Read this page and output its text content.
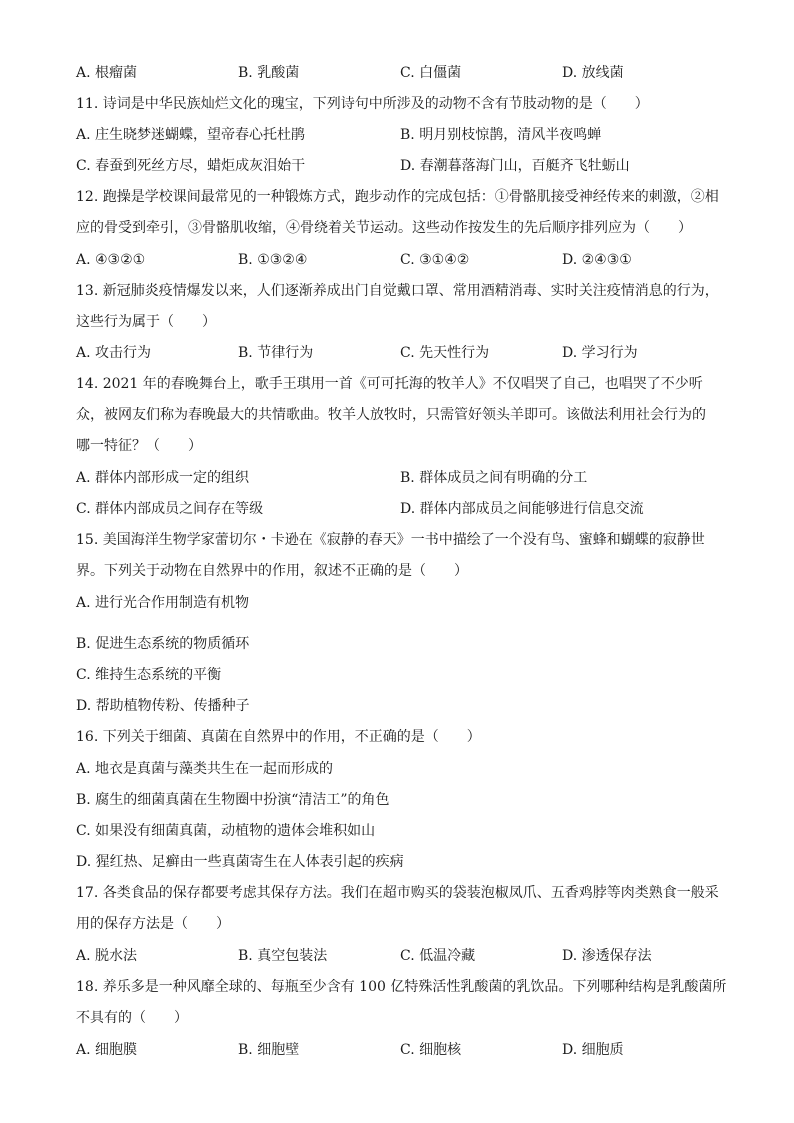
A. 根瘤菌	B. 乳酸菌	C. 白僵菌	D. 放线菌
11. 诗词是中华民族灿烂文化的瑰宝，下列诗句中所涉及的动物不含有节肢动物的是（　　）
A. 庄生晓梦迷蝴蝶，望帝春心托杜鹃	B. 明月别枝惊鹊，清风半夜鸣蝉
C. 春蚕到死丝方尽，蜡炬成灰泪始干	D. 春潮暮落海门山，百艇齐飞牡蛎山
12. 跑操是学校课间最常见的一种锻炼方式，跑步动作的完成包括：①骨骼肌接受神经传来的刺激，②相
应的骨受到牵引，③骨骼肌收缩，④骨绕着关节运动。这些动作按发生的先后顺序排列应为（　　）
A. ④③②①	B. ①③②④	C. ③①④②	D. ②④③①
13. 新冠肺炎疫情爆发以来，人们逐渐养成出门自觉戴口罩、常用酒精消毒、实时关注疫情消息的行为，
这些行为属于（　　）
A. 攻击行为	B. 节律行为	C. 先天性行为	D. 学习行为
14. 2021 年的春晚舞台上，歌手王琪用一首《可可托海的牧羊人》不仅唱哭了自己，也唱哭了不少听
众，被网友们称为春晚最大的共情歌曲。牧羊人放牧时，只需管好领头羊即可。该做法利用社会行为的
哪一特征？（　　）
A. 群体内部形成一定的组织	B. 群体成员之间有明确的分工
C. 群体内部成员之间存在等级	D. 群体内部成员之间能够进行信息交流
15. 美国海洋生物学家蕾切尔・卡逊在《寂静的春天》一书中描绘了一个没有鸟、蜜蜂和蝴蝶的寂静世
界。下列关于动物在自然界中的作用，叙述不正确的是（　　）
A. 进行光合作用制造有机物
B. 促进生态系统的物质循环
C. 维持生态系统的平衡
D. 帮助植物传粉、传播种子
16. 下列关于细菌、真菌在自然界中的作用，不正确的是（　　）
A. 地衣是真菌与藻类共生在一起而形成的
B. 腐生的细菌真菌在生物圈中扮演“清洁工”的角色
C. 如果没有细菌真菌，动植物的遗体会堆积如山
D. 猩红热、足癣由一些真菌寄生在人体表引起的疾病
17. 各类食品的保存都要考虑其保存方法。我们在超市购买的袋装泡椒凤爪、五香鸡脖等肉类熟食一般采
用的保存方法是（　　）
A. 脱水法	B. 真空包装法	C. 低温冷藏	D. 渗透保存法
18. 养乐多是一种风靡全球的、每瓶至少含有 100 亿特殊活性乳酸菌的乳饮品。下列哪种结构是乳酸菌所
不具有的（　　）
A. 细胞膜	B. 细胞壁	C. 细胞核	D. 细胞质
